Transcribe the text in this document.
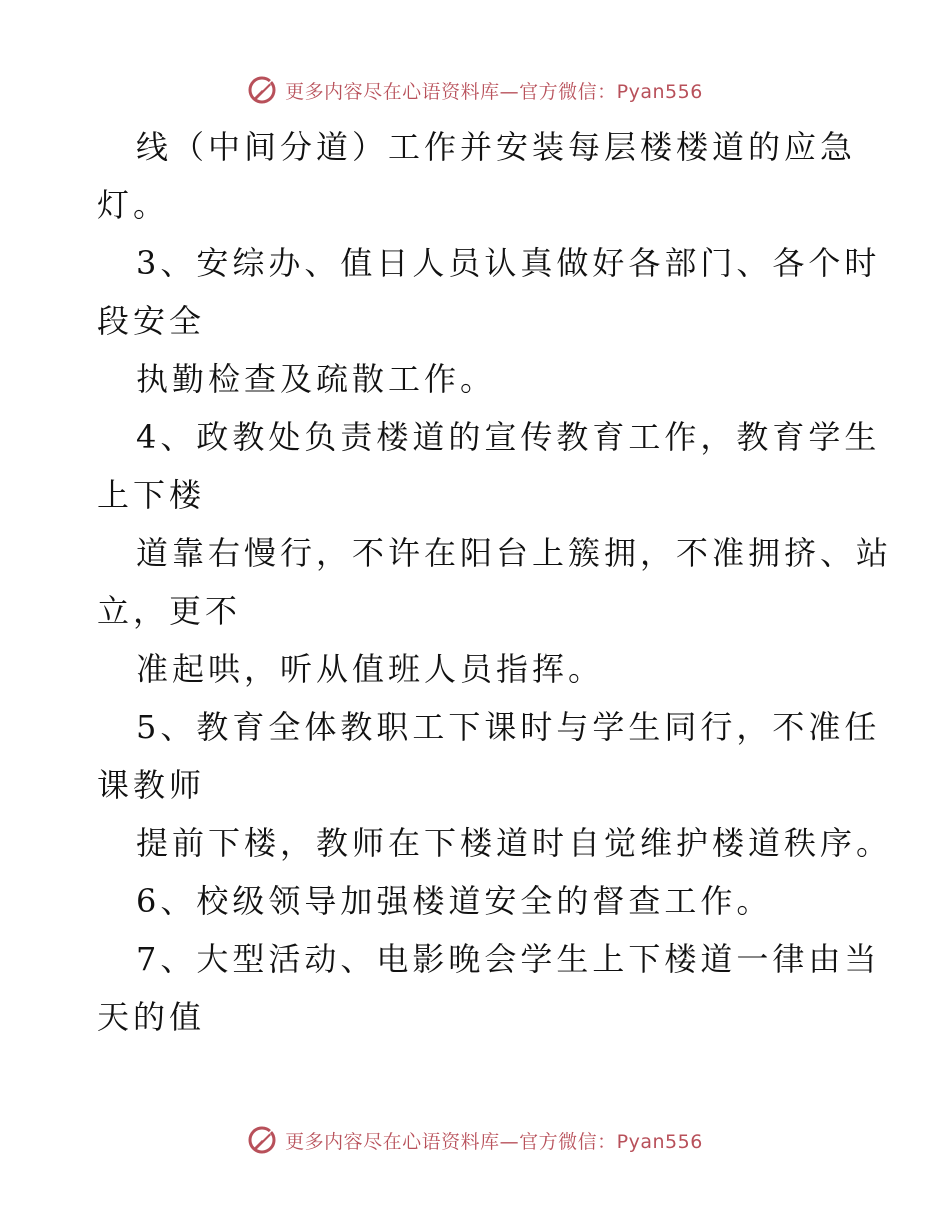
更多内容尽在心语资料库—官方微信：Pyan556
线（中间分道）工作并安装每层楼楼道的应急
灯。
3、安综办、值日人员认真做好各部门、各个时
段安全
执勤检查及疏散工作。
4、政教处负责楼道的宣传教育工作，教育学生
上下楼
道靠右慢行，不许在阳台上簇拥，不准拥挤、站
立，更不
准起哄，听从值班人员指挥。
5、教育全体教职工下课时与学生同行，不准任
课教师
提前下楼，教师在下楼道时自觉维护楼道秩序。
6、校级领导加强楼道安全的督查工作。
7、大型活动、电影晚会学生上下楼道一律由当
天的值
更多内容尽在心语资料库—官方微信：Pyan556
